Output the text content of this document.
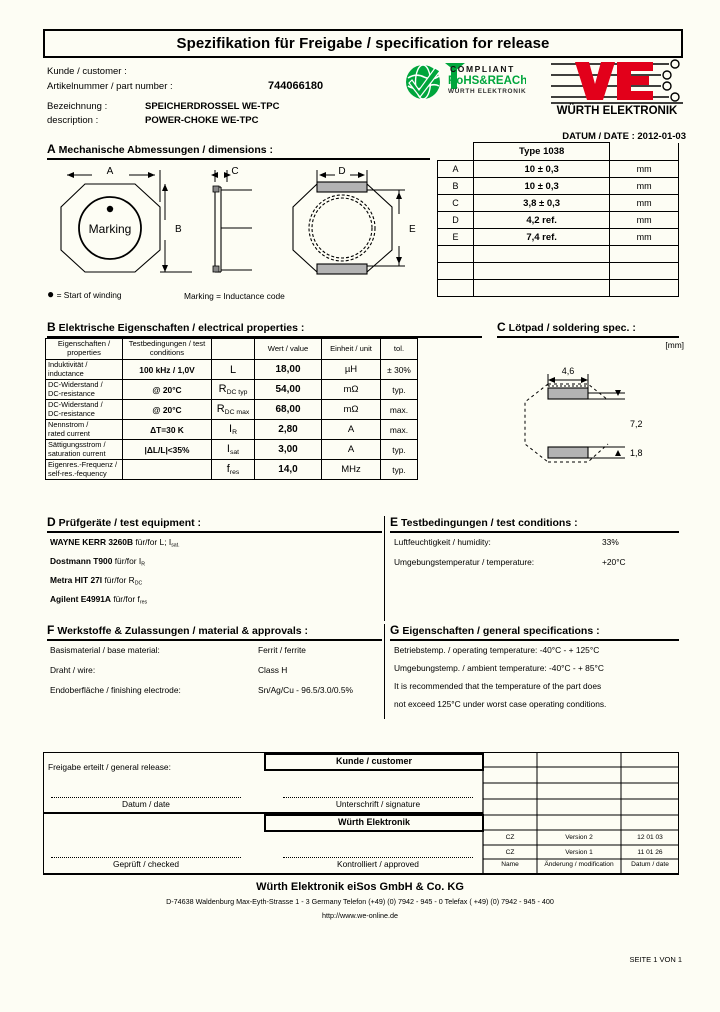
Spezifikation für Freigabe / specification for release
Kunde / customer :
Artikelnummer / part number :	744066180
Bezeichnung :	SPEICHERDROSSEL WE-TPC
description :	POWER-CHOKE WE-TPC
COMPLIANT
RoHS&REACh
WÜRTH ELEKTRONIK
WÜRTH ELEKTRONIK
DATUM / DATE : 2012-01-03
A Mechanische Abmessungen / dimensions :
Marking
A
B
C	D
E
● = Start of winding	Marking = Inductance code
	Type 1038	
A	10 ± 0,3	mm
B	10 ± 0,3	mm
C	3,8 ± 0,3	mm
D	4,2 ref.	mm
E	7,4 ref.	mm

B Elektrische Eigenschaften / electrical properties :
Eigenschaften / properties	Testbedingungen / test conditions		Wert / value	Einheit / unit	tol.
Induktivität /
inductance	100 kHz / 1,0V	L	18,00	µH	± 30%
DC-Widerstand /
DC-resistance	@ 20°C	$R_{DC typ}$	54,00	mΩ	typ.
DC-Widerstand /
DC-resistance	@ 20°C	$R_{DC max}$	68,00	mΩ	max.
Nennstrom /
rated current	ΔT=30 K	$I_R$	2,80	A	max.
Sättigungsstrom /
saturation current	|ΔL/L|<35%	$I_{sat}$	3,00	A	typ.
Eigenres.-Frequenz /
self-res.-fequency		$f_{res}$	14,0	MHz	typ.
C Lötpad / soldering spec. :
[mm]
4,6
7,2
1,8
D Prüfgeräte / test equipment :
WAYNE KERR 3260B für/for L; $I_{sat.}$
Dostmann T900 für/for $I_R$
Metra HIT 27I für/for $R_{DC}$
Agilent E4991A für/for $f_{res}$
E Testbedingungen / test conditions :
Luftfeuchtigkeit / humidity:	33%
Umgebungstemperatur / temperature:	+20°C
F Werkstoffe & Zulassungen / material & approvals :
Basismaterial / base material:	Ferrit / ferrite
Draht / wire:	Class H
Endoberfläche / finishing electrode:	Sn/Ag/Cu - 96.5/3.0/0.5%
G Eigenschaften / general specifications :
Betriebstemp. / operating temperature: -40°C - + 125°C
Umgebungstemp. / ambient temperature: -40°C - + 85°C
It is recommended that the temperature of the part does
not exceed 125°C under worst case operating conditions.
Freigabe erteilt / general release:
Kunde / customer
Würth Elektronik
Datum / date	Unterschrift / signature
Geprüft / checked	Kontrolliert / approved
CZ	Version 2	12 01 03
CZ	Version 1	11 01 26
Name	Änderung / modification	Datum / date
Würth Elektronik eiSos GmbH & Co. KG
D-74638 Waldenburg Max-Eyth-Strasse 1 - 3 Germany Telefon (+49) (0) 7942 - 945 - 0 Telefax ( +49) (0) 7942 - 945 - 400
http://www.we-online.de
SEITE 1 VON 1
